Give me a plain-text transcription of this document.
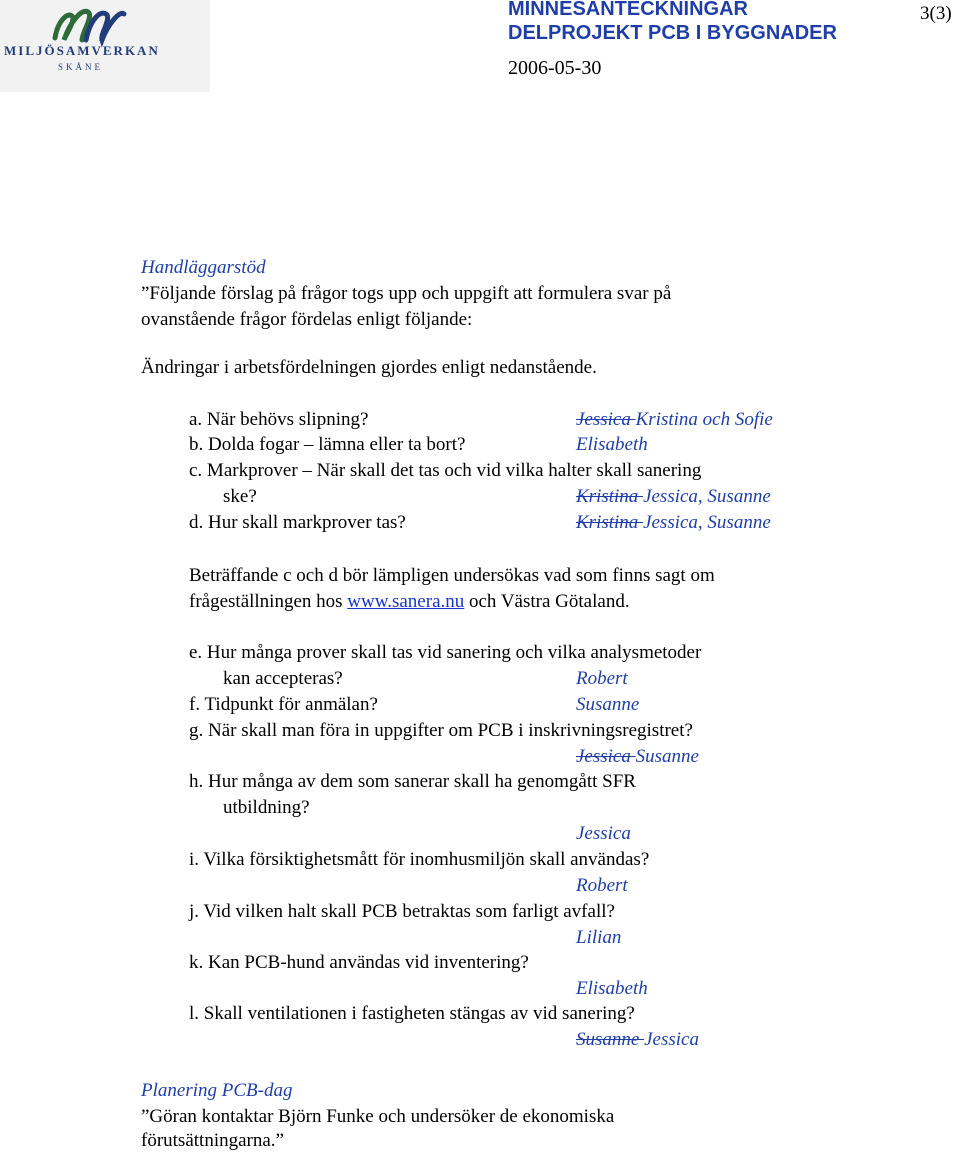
MILJÖSAMVERKAN
SKÅNE
MINNESANTECKNINGAR
DELPROJEKT PCB I BYGGNADER
2006-05-30
3(3)
Handläggarstöd
”Följande förslag på frågor togs upp och uppgift att formulera svar på
ovanstående frågor fördelas enligt följande:
Ändringar i arbetsfördelningen gjordes enligt nedanstående.
a. När behövs slipning?	Jessica Kristina och Sofie
b. Dolda fogar – lämna eller ta bort?	Elisabeth
c. Markprover – När skall det tas och vid vilka halter skall sanering
ske?	Kristina Jessica, Susanne
d. Hur skall markprover tas?	Kristina Jessica, Susanne
Beträffande c och d bör lämpligen undersökas vad som finns sagt om
frågeställningen hos www.sanera.nu och Västra Götaland.
e. Hur många prover skall tas vid sanering och vilka analysmetoder
kan accepteras?	Robert
f. Tidpunkt för anmälan?	Susanne
g. När skall man föra in uppgifter om PCB i inskrivningsregistret?
Jessica Susanne
h. Hur många av dem som sanerar skall ha genomgått SFR
utbildning?
Jessica
i. Vilka försiktighetsmått för inomhusmiljön skall användas?
Robert
j. Vid vilken halt skall PCB betraktas som farligt avfall?
Lilian
k. Kan PCB-hund användas vid inventering?
Elisabeth
l. Skall ventilationen i fastigheten stängas av vid sanering?
Susanne Jessica
Planering PCB-dag
”Göran kontaktar Björn Funke och undersöker de ekonomiska
förutsättningarna.”
